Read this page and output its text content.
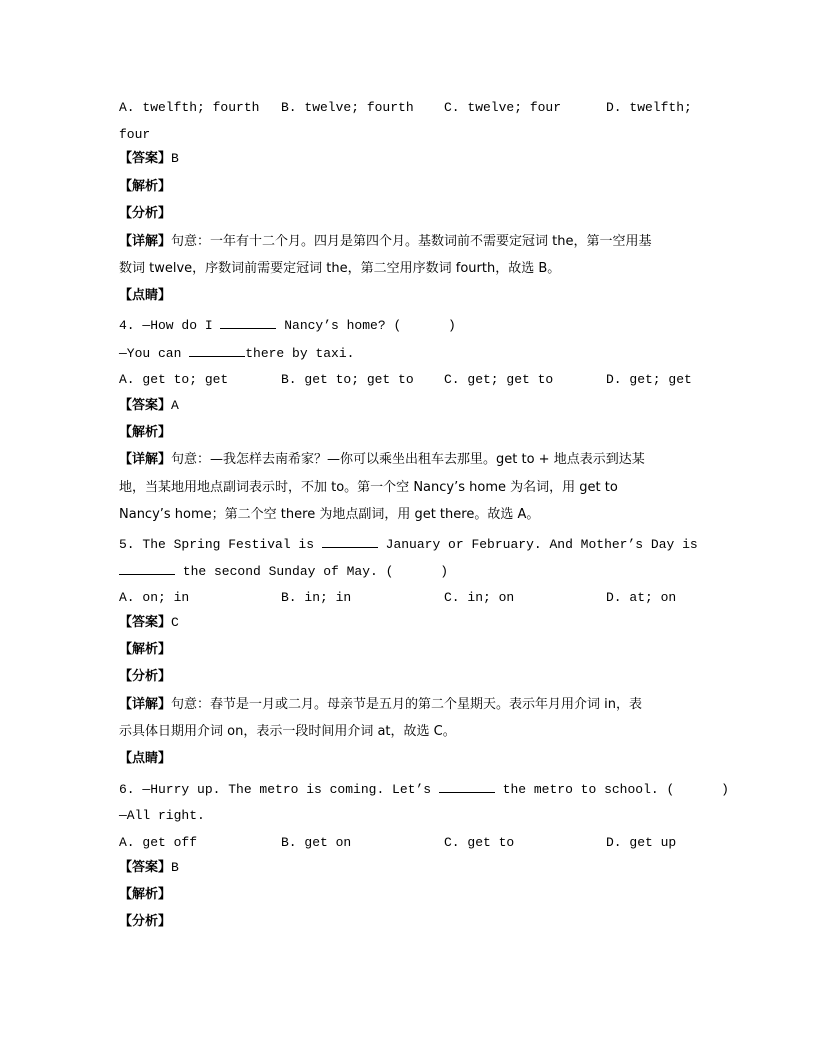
A. twelfth; fourth B. twelve; fourth C. twelve; four	D. twelfth;
four
【答案】B
【解析】
【分析】
【详解】句意：一年有十二个月。四月是第四个月。基数词前不需要定冠词 the，第一空用基
数词 twelve，序数词前需要定冠词 the，第二空用序数词 fourth，故选 B。
【点睛】
4. —How do I	Nancy’s home? (      )
—You can	there by taxi.
A. get to; get	B. get to; get to C. get; get to	D. get; get
【答案】A
【解析】
【详解】句意：—我怎样去南希家？—你可以乘坐出租车去那里。get to + 地点表示到达某
地，当某地用地点副词表示时，不加 to。第一个空 Nancy’s home 为名词，用 get to
Nancy’s home；第二个空 there 为地点副词，用 get there。故选 A。
5. The Spring Festival is	January or February. And Mother’s Day is
the second Sunday of May. (      )
A. on; in	B. in; in	C. in; on	D. at; on
【答案】C
【解析】
【分析】
【详解】句意：春节是一月或二月。母亲节是五月的第二个星期天。表示年月用介词 in，表
示具体日期用介词 on，表示一段时间用介词 at，故选 C。
【点睛】
6. —Hurry up. The metro is coming. Let’s	the metro to school. (      )
—All right.
A. get off	B. get on	C. get to	D. get up
【答案】B
【解析】
【分析】
